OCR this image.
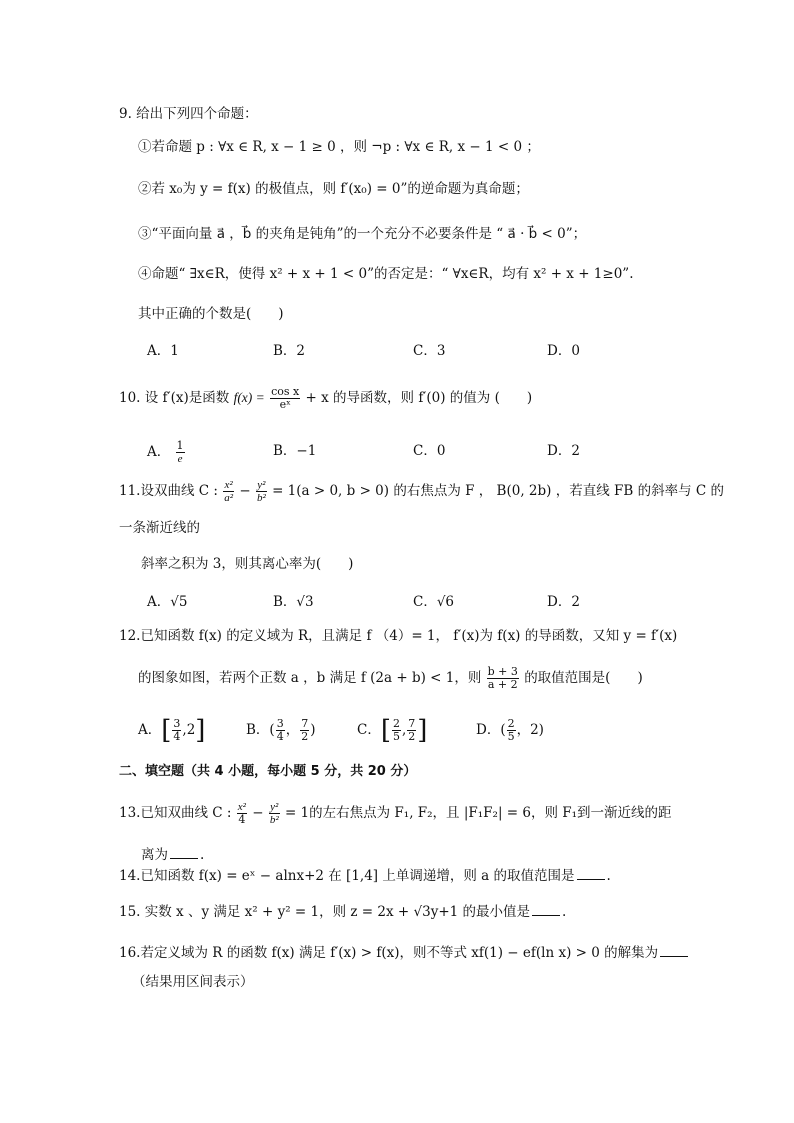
9. 给出下列四个命题：
①若命题 p : ∀x ∈ R, x − 1 ≥ 0 ，则 ¬p : ∀x ∈ R, x − 1 < 0 ；
②若 x₀为 y = f(x) 的极值点，则 f′(x₀) = 0”的逆命题为真命题；
③“平面向量 a⃗ ，b⃗ 的夹角是钝角”的一个充分不必要条件是 “ a⃗ · b⃗ < 0”；
④命题“ ∃x∈R，使得 x² + x + 1 < 0”的否定是：“ ∀x∈R，均有 x² + x + 1≥0”.
其中正确的个数是(　　)
A．1	B．2	C．3	D．0
10. 设 f′(x)是函数 $f(x) = \frac{\text{cos x}}{\text{eˣ}} + x$ 的导函数，则 f′(0) 的值为 (　　)
A． $\frac{1}{e}$	B．−1	C．0	D．2
11.设双曲线 C : $\frac{\text{x²}}{\text{a²}} - \frac{\text{y²}}{\text{b²}} = 1(a > 0$, b > 0) 的右焦点为 F ， B(0, 2b) ，若直线 FB 的斜率与 C 的
一条渐近线的
斜率之积为 3，则其离心率为(　　)
A．√5	B．√3	C．√6	D．2
12.已知函数 f(x) 的定义域为 R，且满足 f （4）= 1， f′(x)为 f(x) 的导函数，又知 y = f′(x)
的图象如图，若两个正数 a ，b 满足 f (2a + b) < 1，则 $\frac{b + 3}{a + 2}$ 的取值范围是(　　)
A．[ $\frac{3}{4} ,2$]	B．( $\frac{3}{4}$ ， $\frac{7}{2}$ )	C．[ $\frac{2}{5}$ , $\frac{7}{2}$ ]	D．( $\frac{2}{5}$ ，2)
二、填空题（共 4 小题，每小题 5 分，共 20 分）
13.已知双曲线 C : $\frac{\text{x²}}{4} - \frac{\text{y²}}{\text{b²}} = 1$的左右焦点为 F₁, F₂，且 |F₁F₂| = 6，则 F₁到一渐近线的距
离为 .
14.已知函数 f(x) = eˣ − alnx+2 在 [1,4] 上单调递增，则 a 的取值范围是 .
15. 实数 x 、y 满足 x² + y² = 1，则 z = 2x + √3y+1 的最小值是 .
16.若定义域为 R 的函数 f(x) 满足 f′(x) > f(x)，则不等式 xf(1) − ef(ln x) > 0 的解集为
（结果用区间表示）
